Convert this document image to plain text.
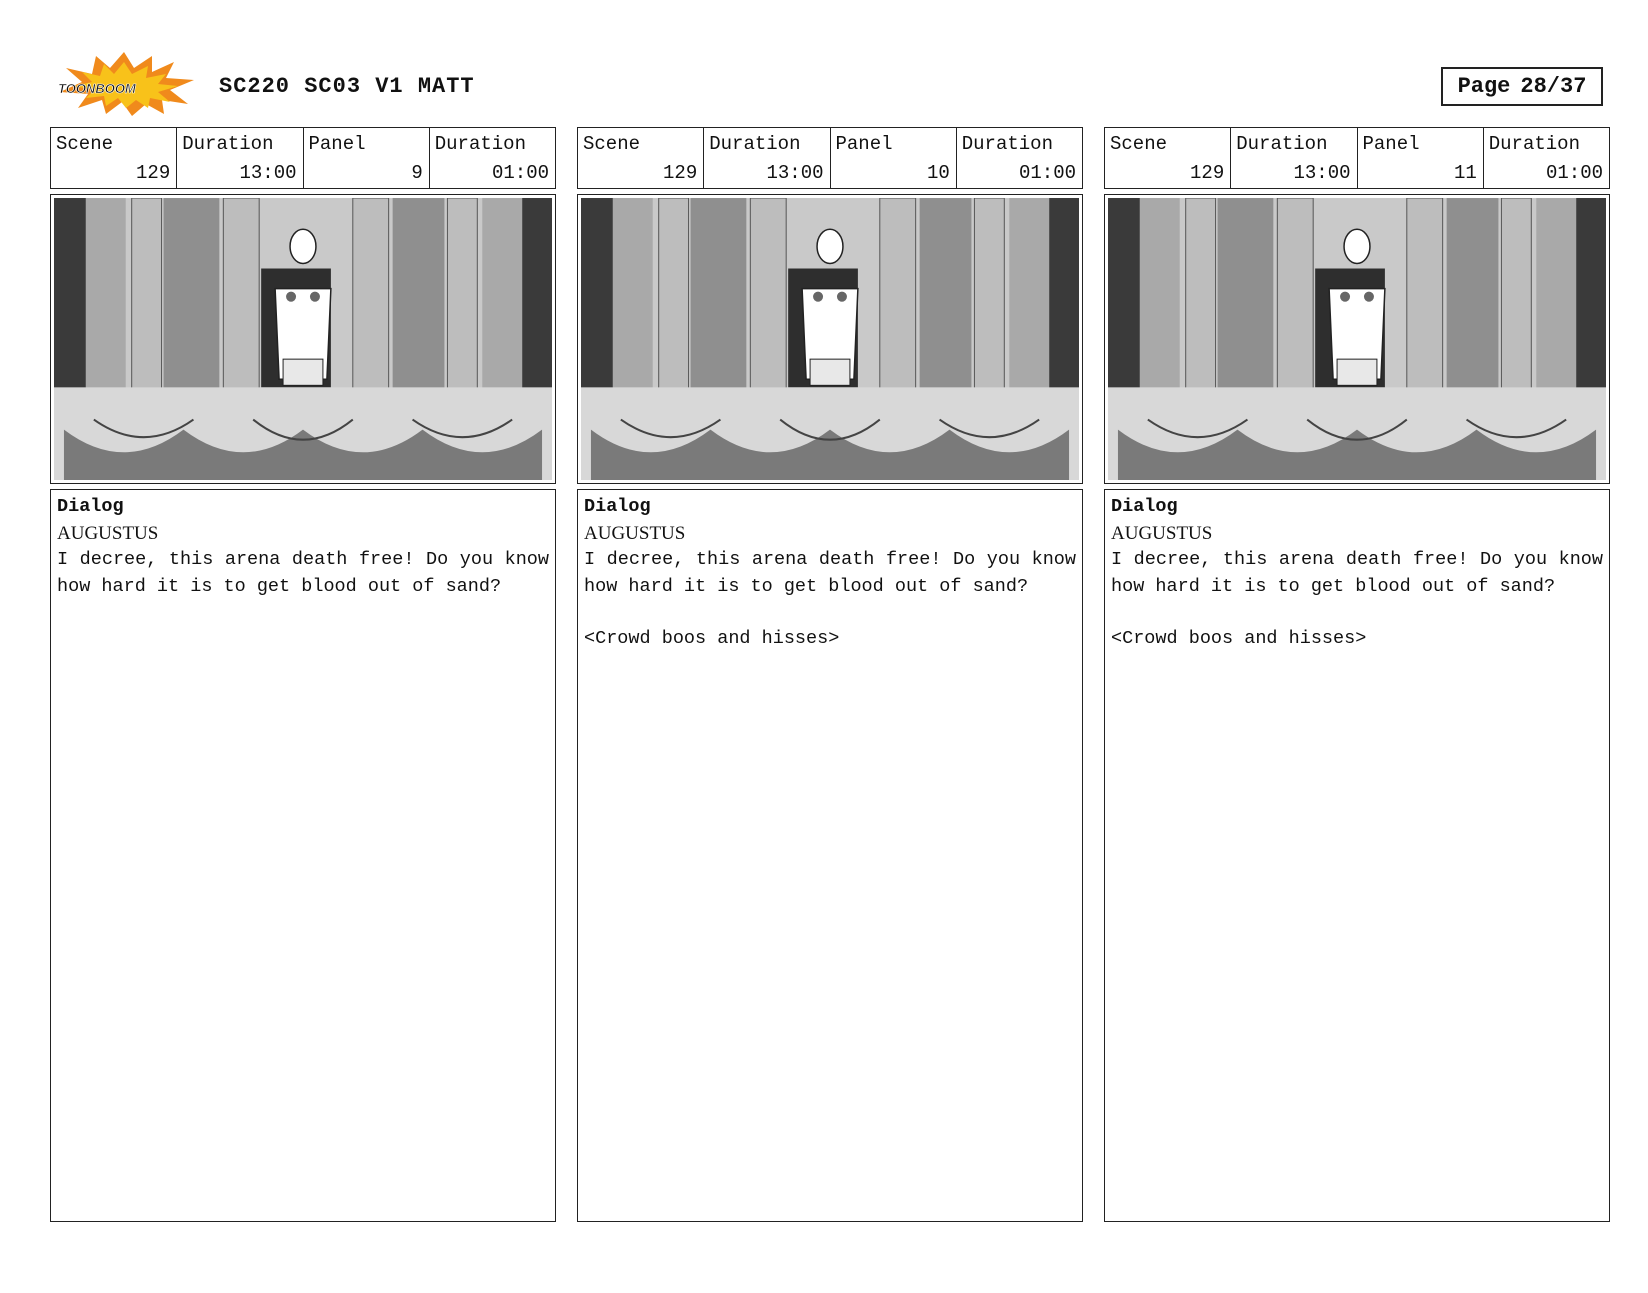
TOONBOOM	SC220 SC03 V1 MATT	Page 28/37
Scene
129
Duration
13:00
Panel
9
Duration
01:00
Dialog
AUGUSTUS
I decree, this arena death free! Do you know how hard it is to get blood out of sand?
Scene
129
Duration
13:00
Panel
10
Duration
01:00
Dialog
AUGUSTUS
I decree, this arena death free! Do you know how hard it is to get blood out of sand?
<Crowd boos and hisses>
Scene
129
Duration
13:00
Panel
11
Duration
01:00
Dialog
AUGUSTUS
I decree, this arena death free! Do you know how hard it is to get blood out of sand?
<Crowd boos and hisses>
